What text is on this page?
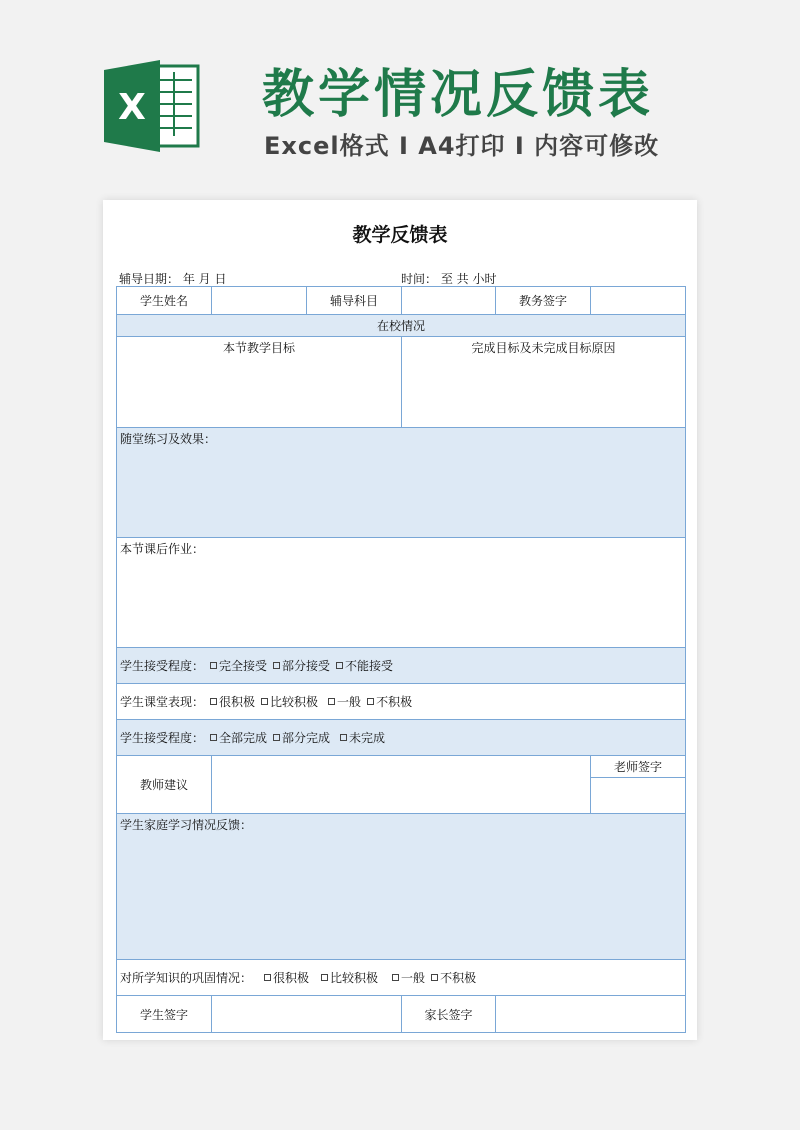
X 教学情况反馈表
Excel格式 I A4打印 I 内容可修改
教学反馈表
辅导日期： 年 月 日	时间： 至 共 小时
学生姓名		辅导科目		教务签字	
在校情况					
本节教学目标			完成目标及未完成目标原因		
随堂练习及效果：					
本节课后作业：					
学生接受程度： 完全接受 部分接受 不能接受					
学生课堂表现： 很积极 比较积极 一般 不积极					
学生接受程度： 全部完成 部分完成 未完成					
教师建议					老师签字

学生家庭学习情况反馈：					
对所学知识的巩固情况： 很积极 比较积极 一般 不积极					
学生签字			家长签字		
